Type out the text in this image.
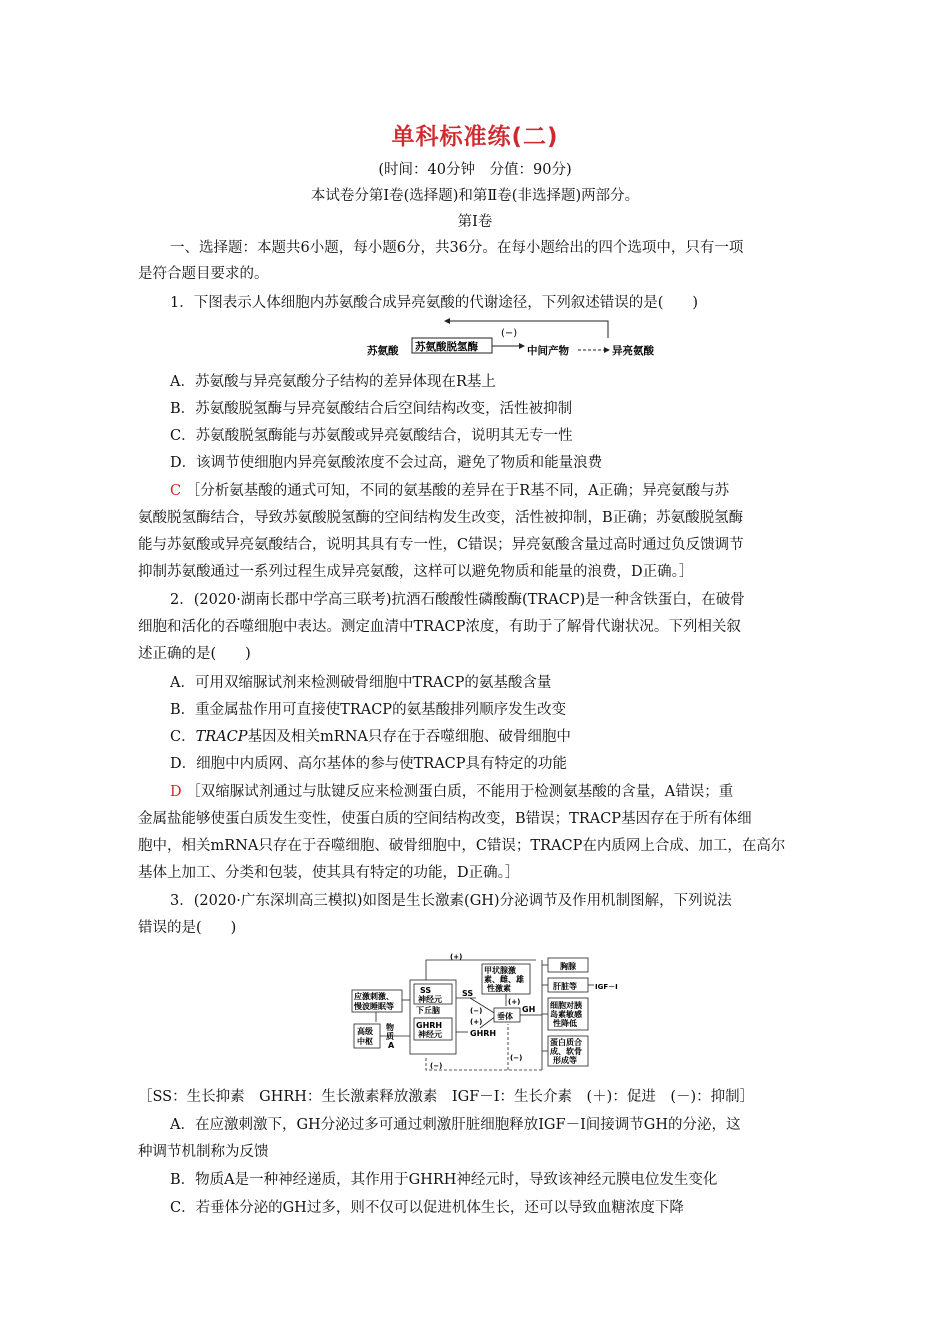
单科标准练(二)
(时间：40分钟　分值：90分)
本试卷分第Ⅰ卷(选择题)和第Ⅱ卷(非选择题)两部分。
第Ⅰ卷
一、选择题：本题共6小题，每小题6分，共36分。在每小题给出的四个选项中，只有一项
是符合题目要求的。
1．下图表示人体细胞内苏氨酸合成异亮氨酸的代谢途径，下列叙述错误的是(　　)
(−)
苏氨酸 苏氨酸脱氢酶	中间产物	异亮氨酸
A．苏氨酸与异亮氨酸分子结构的差异体现在R基上
B．苏氨酸脱氢酶与异亮氨酸结合后空间结构改变，活性被抑制
C．苏氨酸脱氢酶能与苏氨酸或异亮氨酸结合，说明其无专一性
D．该调节使细胞内异亮氨酸浓度不会过高，避免了物质和能量浪费
C ［分析氨基酸的通式可知，不同的氨基酸的差异在于R基不同，A正确；异亮氨酸与苏
氨酸脱氢酶结合，导致苏氨酸脱氢酶的空间结构发生改变，活性被抑制，B正确；苏氨酸脱氢酶
能与苏氨酸或异亮氨酸结合，说明其具有专一性，C错误；异亮氨酸含量过高时通过负反馈调节
抑制苏氨酸通过一系列过程生成异亮氨酸，这样可以避免物质和能量的浪费，D正确。］
2．(2020·湖南长郡中学高三联考)抗酒石酸酸性磷酸酶(TRACP)是一种含铁蛋白，在破骨
细胞和活化的吞噬细胞中表达。测定血清中TRACP浓度，有助于了解骨代谢状况。下列相关叙
述正确的是(　　)
A．可用双缩脲试剂来检测破骨细胞中TRACP的氨基酸含量
B．重金属盐作用可直接使TRACP的氨基酸排列顺序发生改变
C．TRACP基因及相关mRNA只存在于吞噬细胞、破骨细胞中
D．细胞中内质网、高尔基体的参与使TRACP具有特定的功能
D ［双缩脲试剂通过与肽键反应来检测蛋白质，不能用于检测氨基酸的含量，A错误；重
金属盐能够使蛋白质发生变性，使蛋白质的空间结构改变，B错误；TRACP基因存在于所有体细
胞中，相关mRNA只存在于吞噬细胞、破骨细胞中，C错误；TRACP在内质网上合成、加工，在高尔
基体上加工、分类和包装，使其具有特定的功能，D正确。］
3．(2020·广东深圳高三模拟)如图是生长激素(GH)分泌调节及作用机制图解，下列说法
错误的是(　　)
(+)
应激刺激、
慢波睡眠等
高级
中枢
物
质
A
SS
神经元
下丘脑
GHRH
神经元
SS
GHRH
(−)
(+)
甲状腺激
素、雌、雄
性激素
(+)
垂体
GH
胸腺
肝脏等	IGF－Ⅰ
细胞对胰
岛素敏感
性降低
蛋白质合
成、软骨
形成等
(−)
(−)
［SS：生长抑素　GHRH：生长激素释放激素　IGF－Ⅰ：生长介素　(＋)：促进　(－)：抑制］
A．在应激刺激下，GH分泌过多可通过刺激肝脏细胞释放IGF－Ⅰ间接调节GH的分泌，这
种调节机制称为反馈
B．物质A是一种神经递质，其作用于GHRH神经元时，导致该神经元膜电位发生变化
C．若垂体分泌的GH过多，则不仅可以促进机体生长，还可以导致血糖浓度下降
